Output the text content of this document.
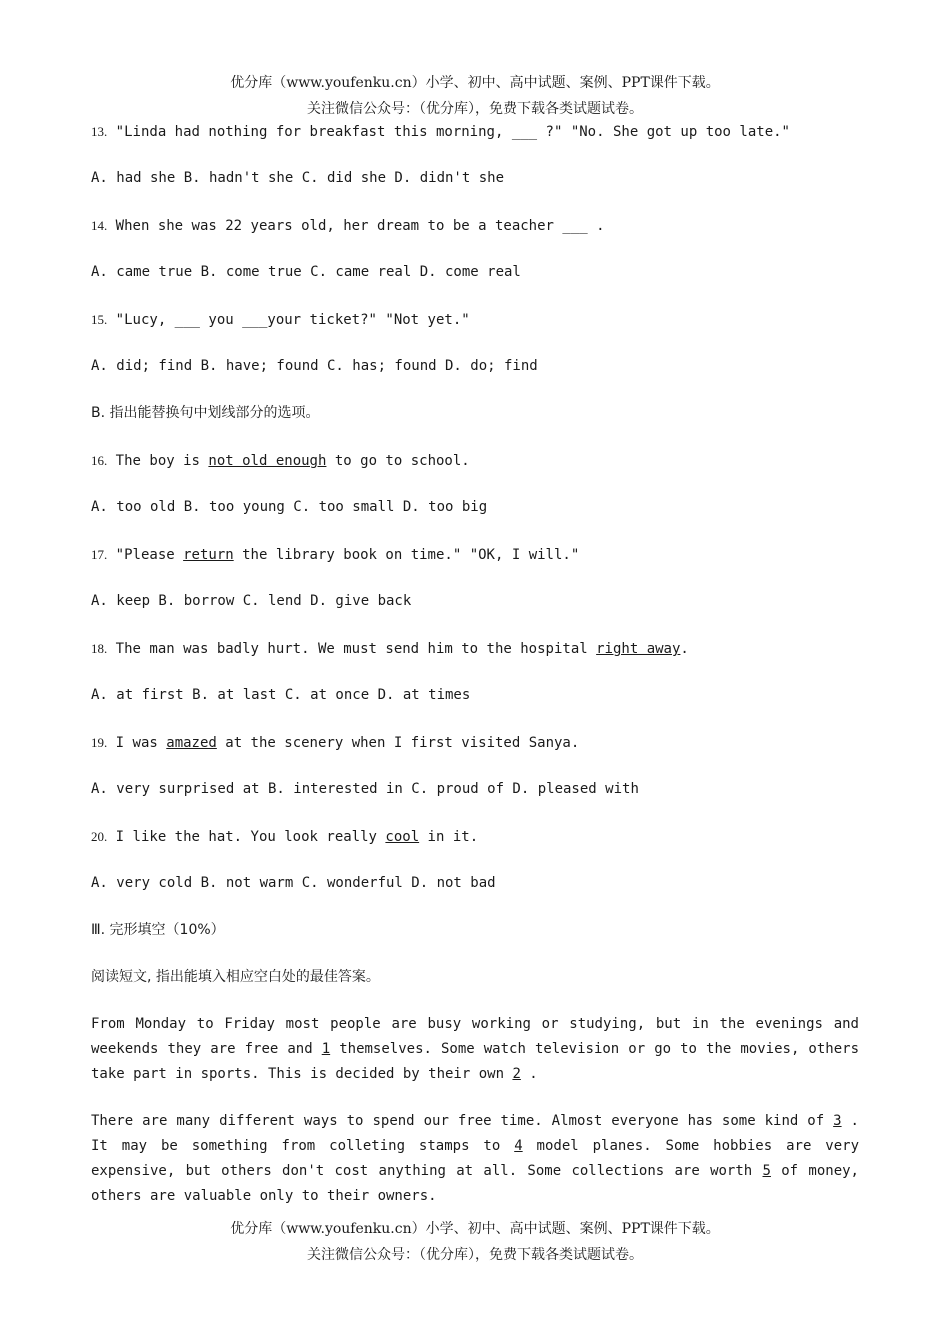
优分库（www.youfenku.cn）小学、初中、高中试题、案例、PPT课件下载。
关注微信公众号：（优分库），免费下载各类试题试卷。
13. "Linda had nothing for breakfast this morning, ___ ?" "No. She got up too late."
A. had she B. hadn't she C. did she D. didn't she
14. When she was 22 years old, her dream to be a teacher ___ .
A. came true B. come true C. came real D. come real
15. "Lucy, ___ you ___your ticket?" "Not yet."
A. did; find B. have; found C. has; found D. do; find
B. 指出能替换句中划线部分的选项。
16. The boy is not old enough to go to school.
A. too old B. too young C. too small D. too big
17. "Please return the library book on time." "OK, I will."
A. keep B. borrow C. lend D. give back
18. The man was badly hurt. We must send him to the hospital right away.
A. at first B. at last C. at once D. at times
19. I was amazed at the scenery when I first visited Sanya.
A. very surprised at B. interested in C. proud of D. pleased with
20. I like the hat. You look really cool in it.
A. very cold B. not warm C. wonderful D. not bad
Ⅲ. 完形填空（10%）
阅读短文, 指出能填入相应空白处的最佳答案。
From Monday to Friday most people are busy working or studying, but in the evenings and weekends they are free and 1 themselves. Some watch television or go to the movies, others take part in sports. This is decided by their own 2 .
There are many different ways to spend our free time. Almost everyone has some kind of 3 . It may be something from colleting stamps to 4 model planes. Some hobbies are very expensive, but others don't cost anything at all. Some collections are worth 5 of money, others are valuable only to their owners.
优分库（www.youfenku.cn）小学、初中、高中试题、案例、PPT课件下载。
关注微信公众号：（优分库），免费下载各类试题试卷。
